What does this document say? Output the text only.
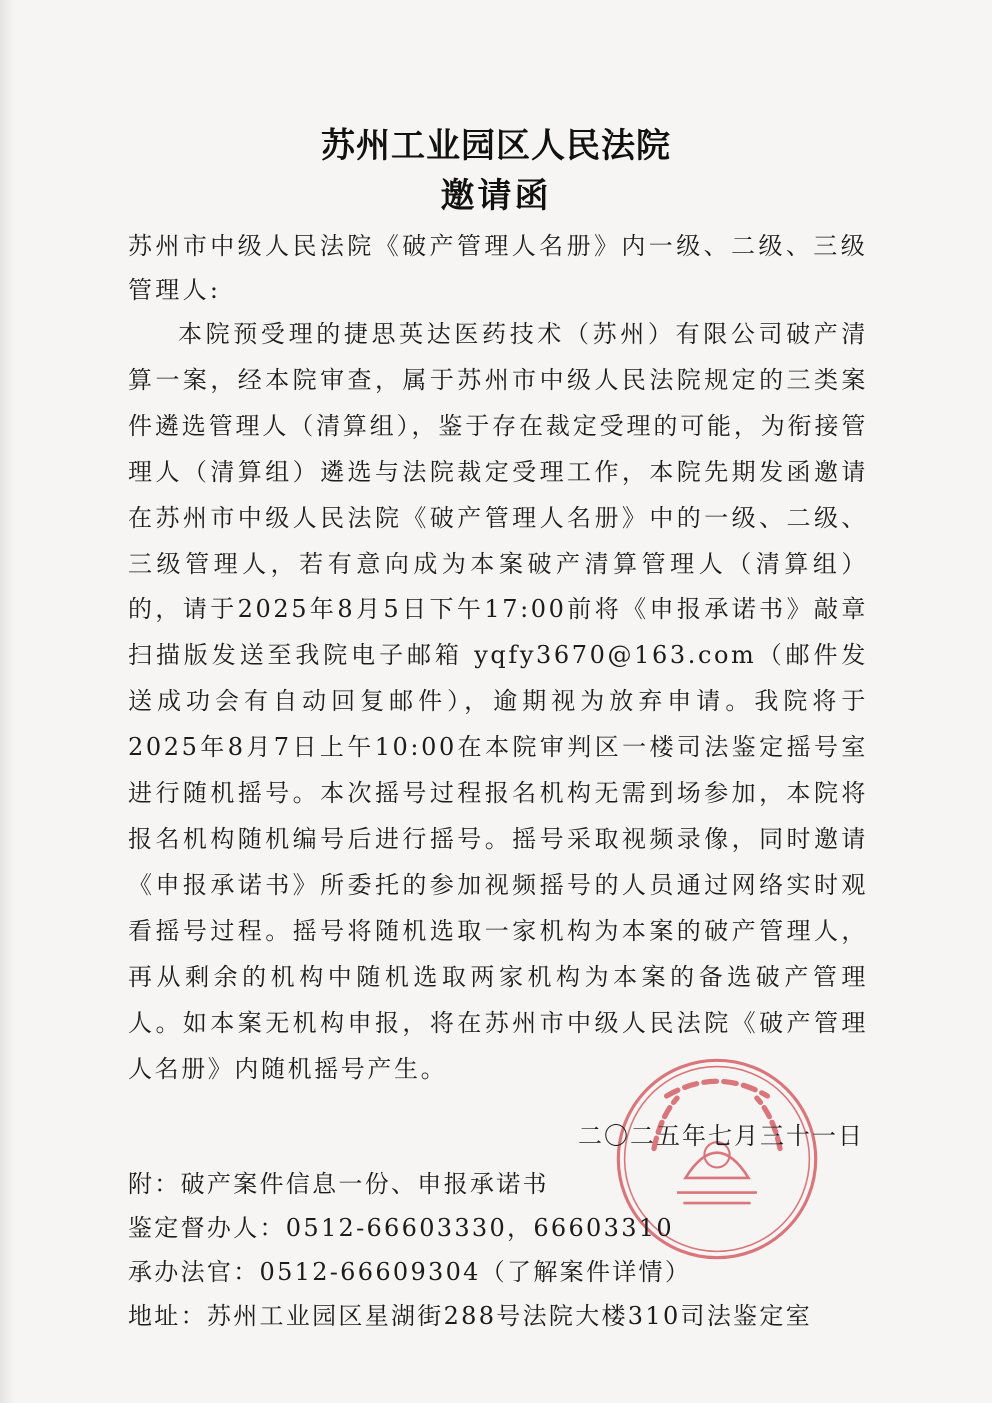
苏州工业园区人民法院
邀请函

苏州市中级人民法院《破产管理人名册》内一级、二级、三级管理人:

本院预受理的捷思英达医药技术（苏州）有限公司破产清算一案，经本院审查，属于苏州市中级人民法院规定的三类案件遴选管理人（清算组），鉴于存在裁定受理的可能，为衔接管理人（清算组）遴选与法院裁定受理工作，本院先期发函邀请在苏州市中级人民法院《破产管理人名册》中的一级、二级、三级管理人，若有意向成为本案破产清算管理人（清算组）的，请于2025年8月5日下午17:00前将《申报承诺书》敲章扫描版发送至我院电子邮箱 yqfy3670@163.com（邮件发送成功会有自动回复邮件），逾期视为放弃申请。我院将于2025年8月7日上午10:00在本院审判区一楼司法鉴定摇号室进行随机摇号。本次摇号过程报名机构无需到场参加，本院将报名机构随机编号后进行摇号。摇号采取视频录像，同时邀请《申报承诺书》所委托的参加视频摇号的人员通过网络实时观看摇号过程。摇号将随机选取一家机构为本案的破产管理人，再从剩余的机构中随机选取两家机构为本案的备选破产管理人。如本案无机构申报，将在苏州市中级人民法院《破产管理人名册》内随机摇号产生。

二〇二五年七月三十一日
附：破产案件信息一份、申报承诺书
鉴定督办人：0512-66603330，66603310
承办法官：0512-66609304（了解案件详情）
地址：苏州工业园区星湖街288号法院大楼310司法鉴定室
